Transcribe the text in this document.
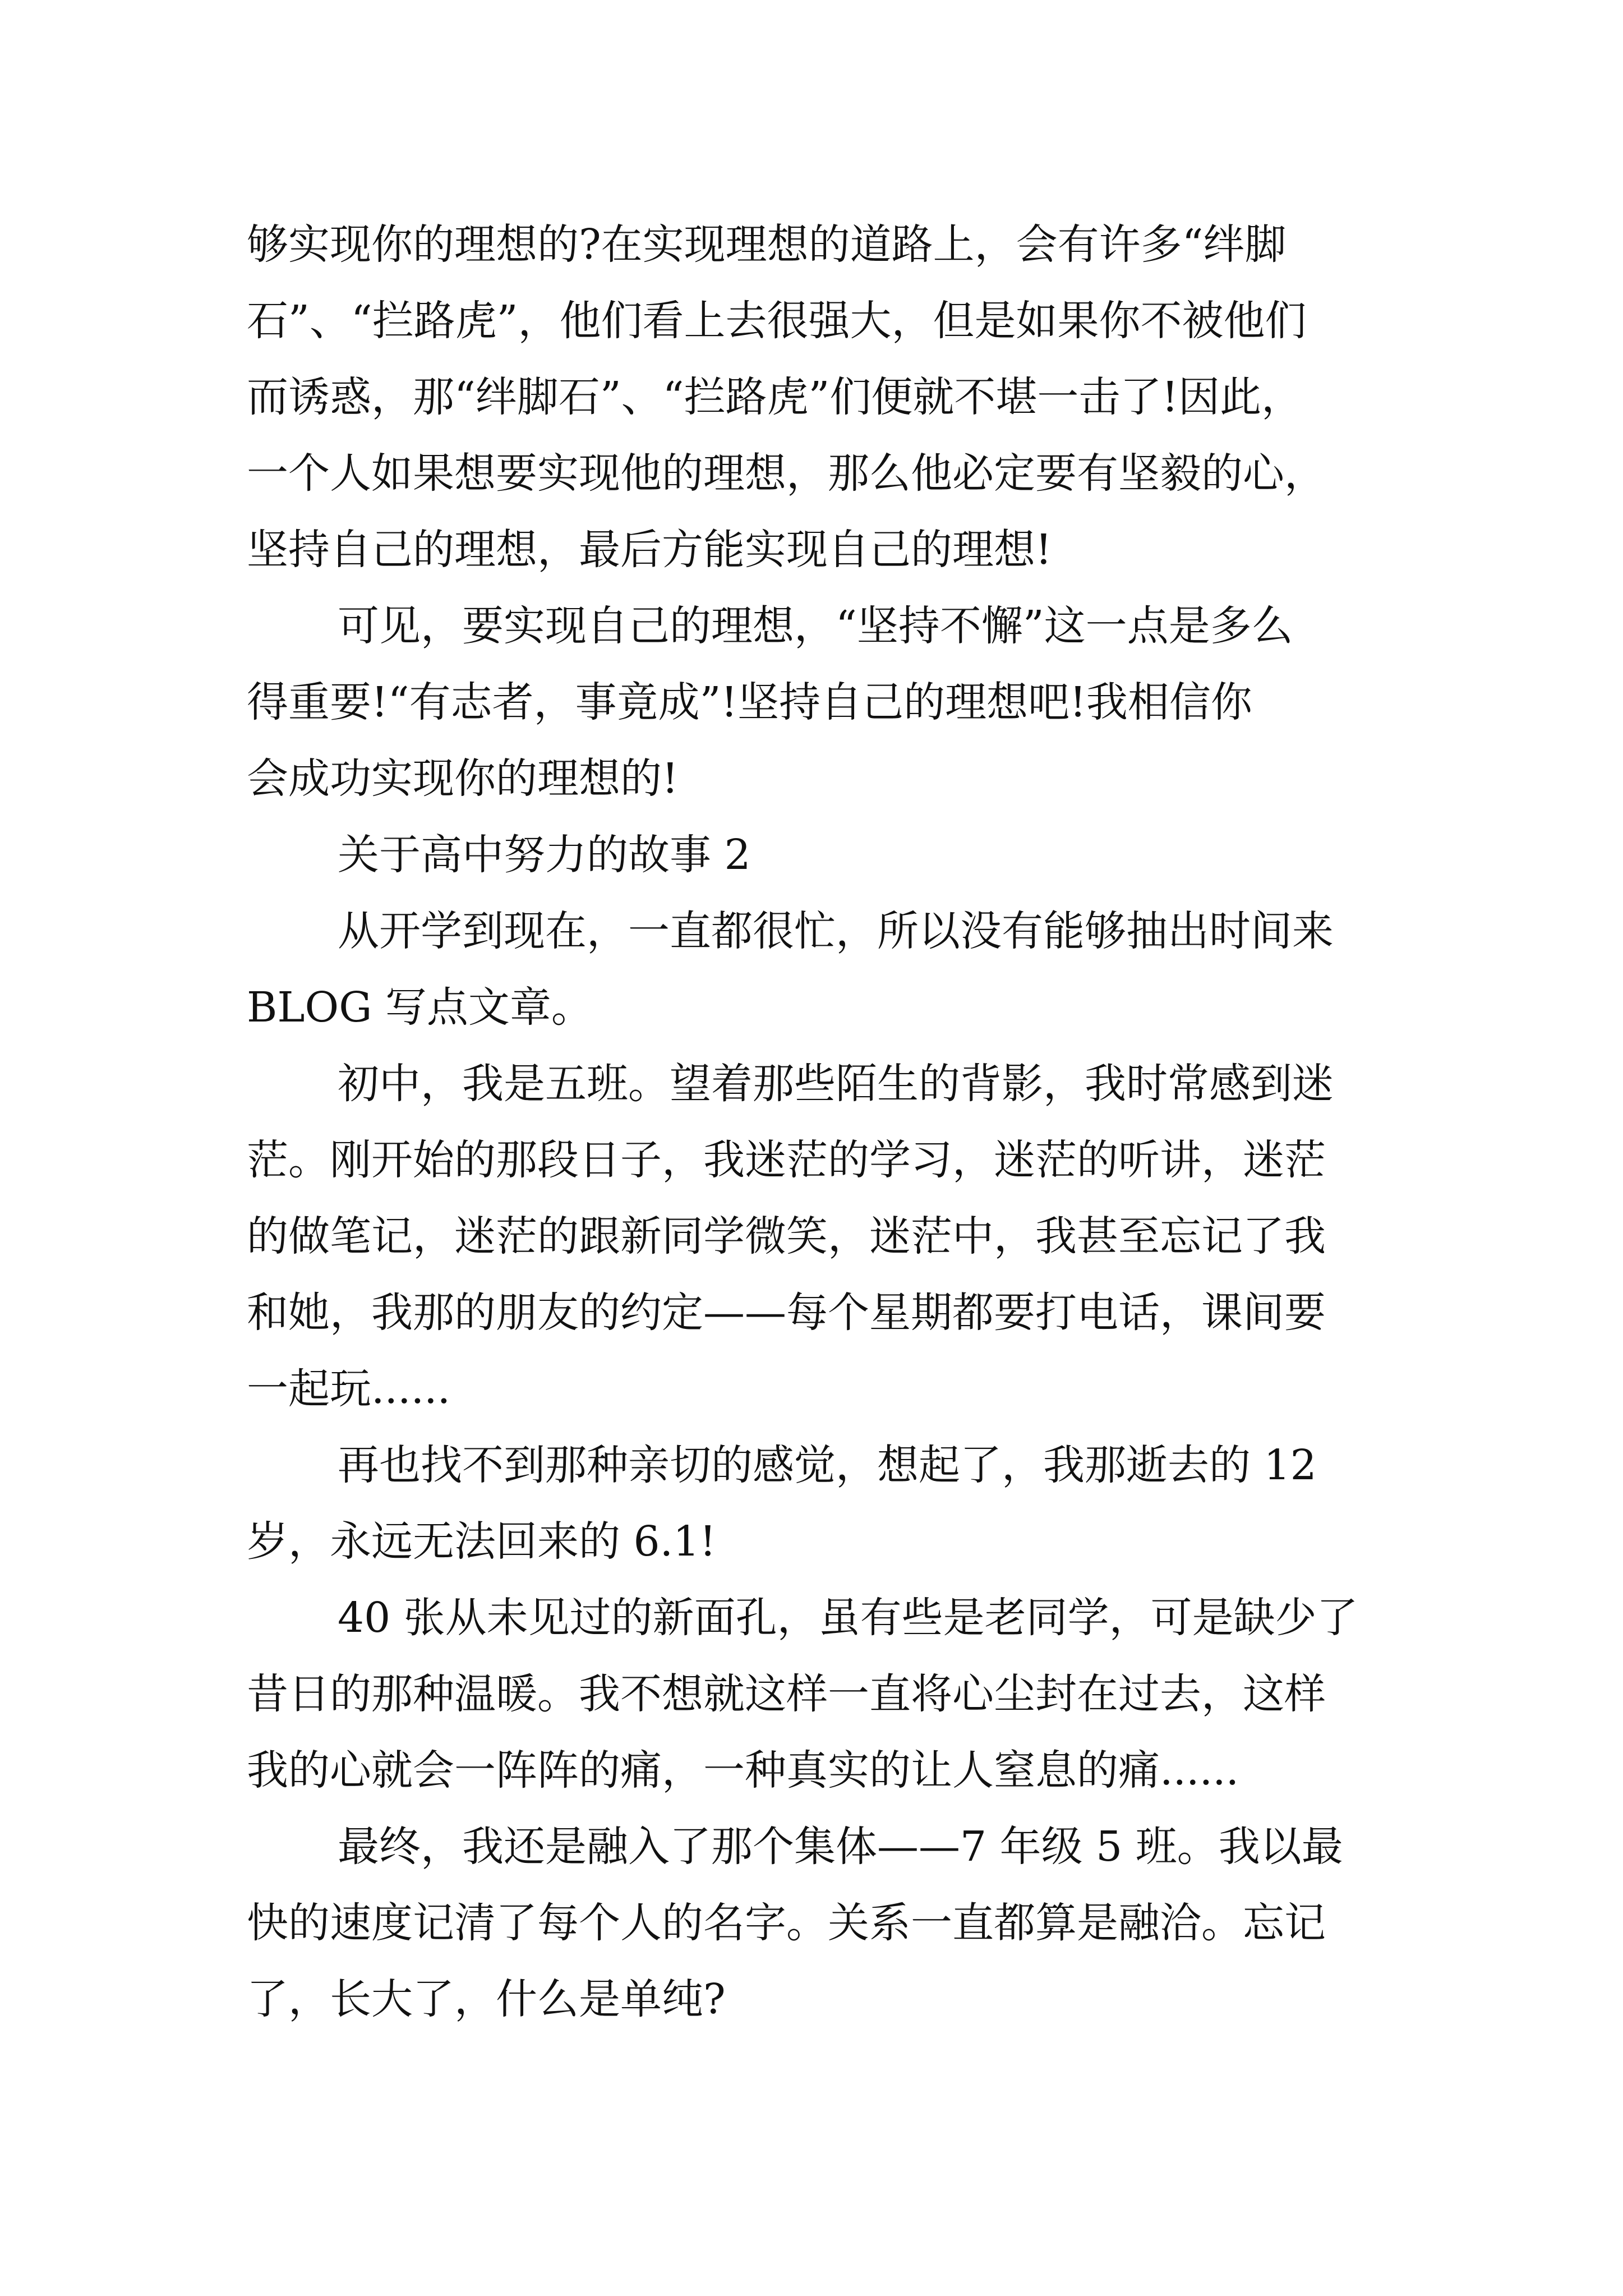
够实现你的理想的?在实现理想的道路上，会有许多“绊脚
石”、“拦路虎”，他们看上去很强大，但是如果你不被他们
而诱惑，那“绊脚石”、“拦路虎”们便就不堪一击了!因此，
一个人如果想要实现他的理想，那么他必定要有坚毅的心，
坚持自己的理想，最后方能实现自己的理想!
可见，要实现自己的理想，“坚持不懈”这一点是多么
得重要!“有志者，事竟成”!坚持自己的理想吧!我相信你
会成功实现你的理想的!
关于高中努力的故事 2
从开学到现在，一直都很忙，所以没有能够抽出时间来
BLOG 写点文章。
初中，我是五班。望着那些陌生的背影，我时常感到迷
茫。刚开始的那段日子，我迷茫的学习，迷茫的听讲，迷茫
的做笔记，迷茫的跟新同学微笑，迷茫中，我甚至忘记了我
和她，我那的朋友的约定——每个星期都要打电话，课间要
一起玩......
再也找不到那种亲切的感觉，想起了，我那逝去的 12
岁，永远无法回来的 6.1!
40 张从未见过的新面孔，虽有些是老同学，可是缺少了
昔日的那种温暖。我不想就这样一直将心尘封在过去，这样
我的心就会一阵阵的痛，一种真实的让人窒息的痛......
最终，我还是融入了那个集体——7 年级 5 班。我以最
快的速度记清了每个人的名字。关系一直都算是融洽。忘记
了，长大了，什么是单纯?
